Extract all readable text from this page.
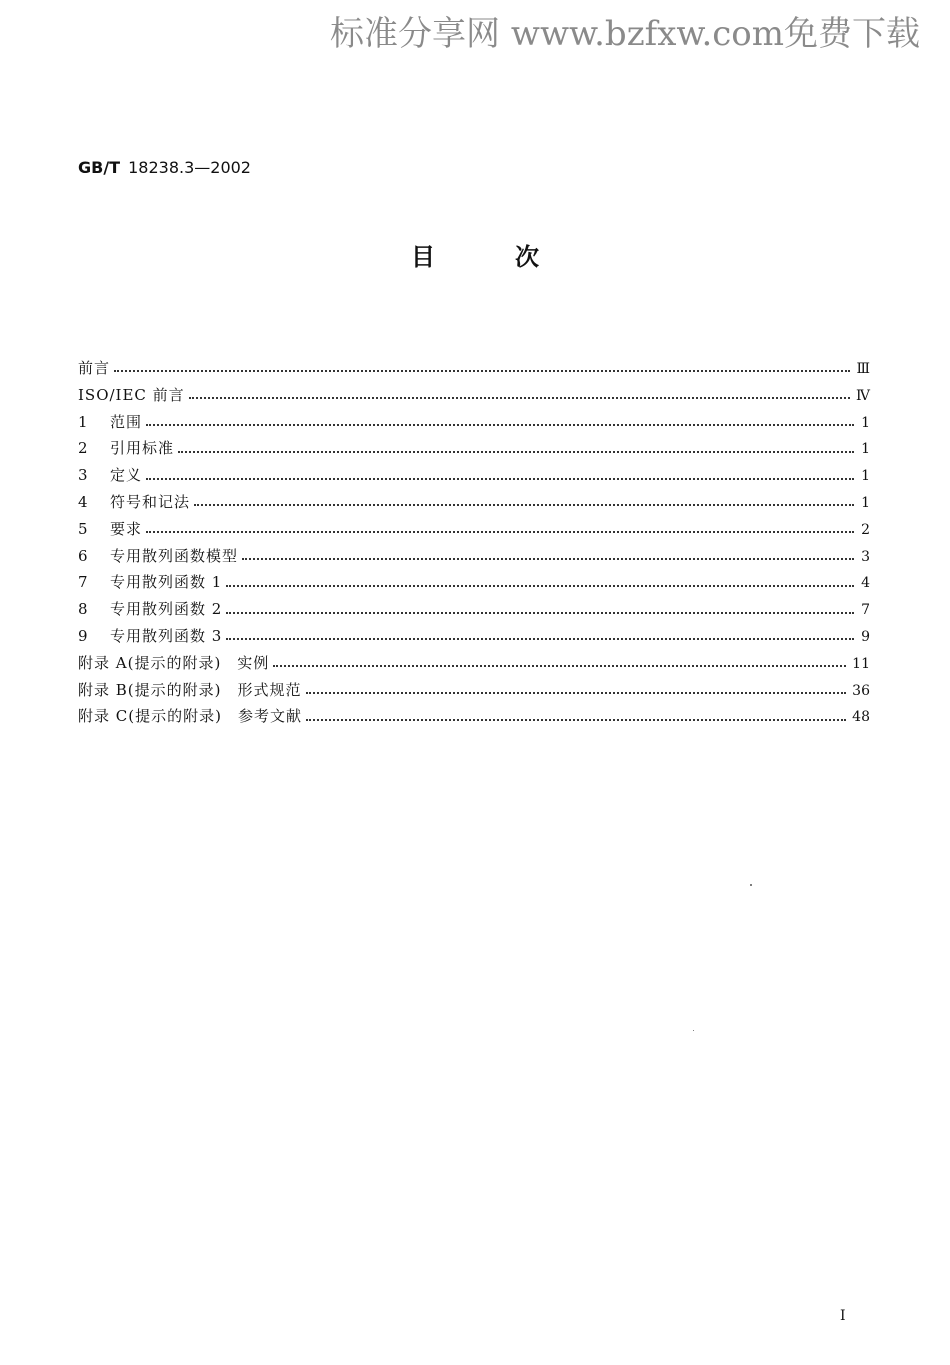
标准分享网 www.bzfxw.com免费下载
GB/T 18238.3—2002
目次
前言	Ⅲ
ISO/IEC 前言	Ⅳ
1	范围	1
2	引用标准	1
3	定义	1
4	符号和记法	1
5	要求	2
6	专用散列函数模型	3
7	专用散列函数 1	4
8	专用散列函数 2	7
9	专用散列函数 3	9
附录 A(提示的附录)　实例	11
附录 B(提示的附录)　形式规范	36
附录 C(提示的附录)　参考文献	48
I
